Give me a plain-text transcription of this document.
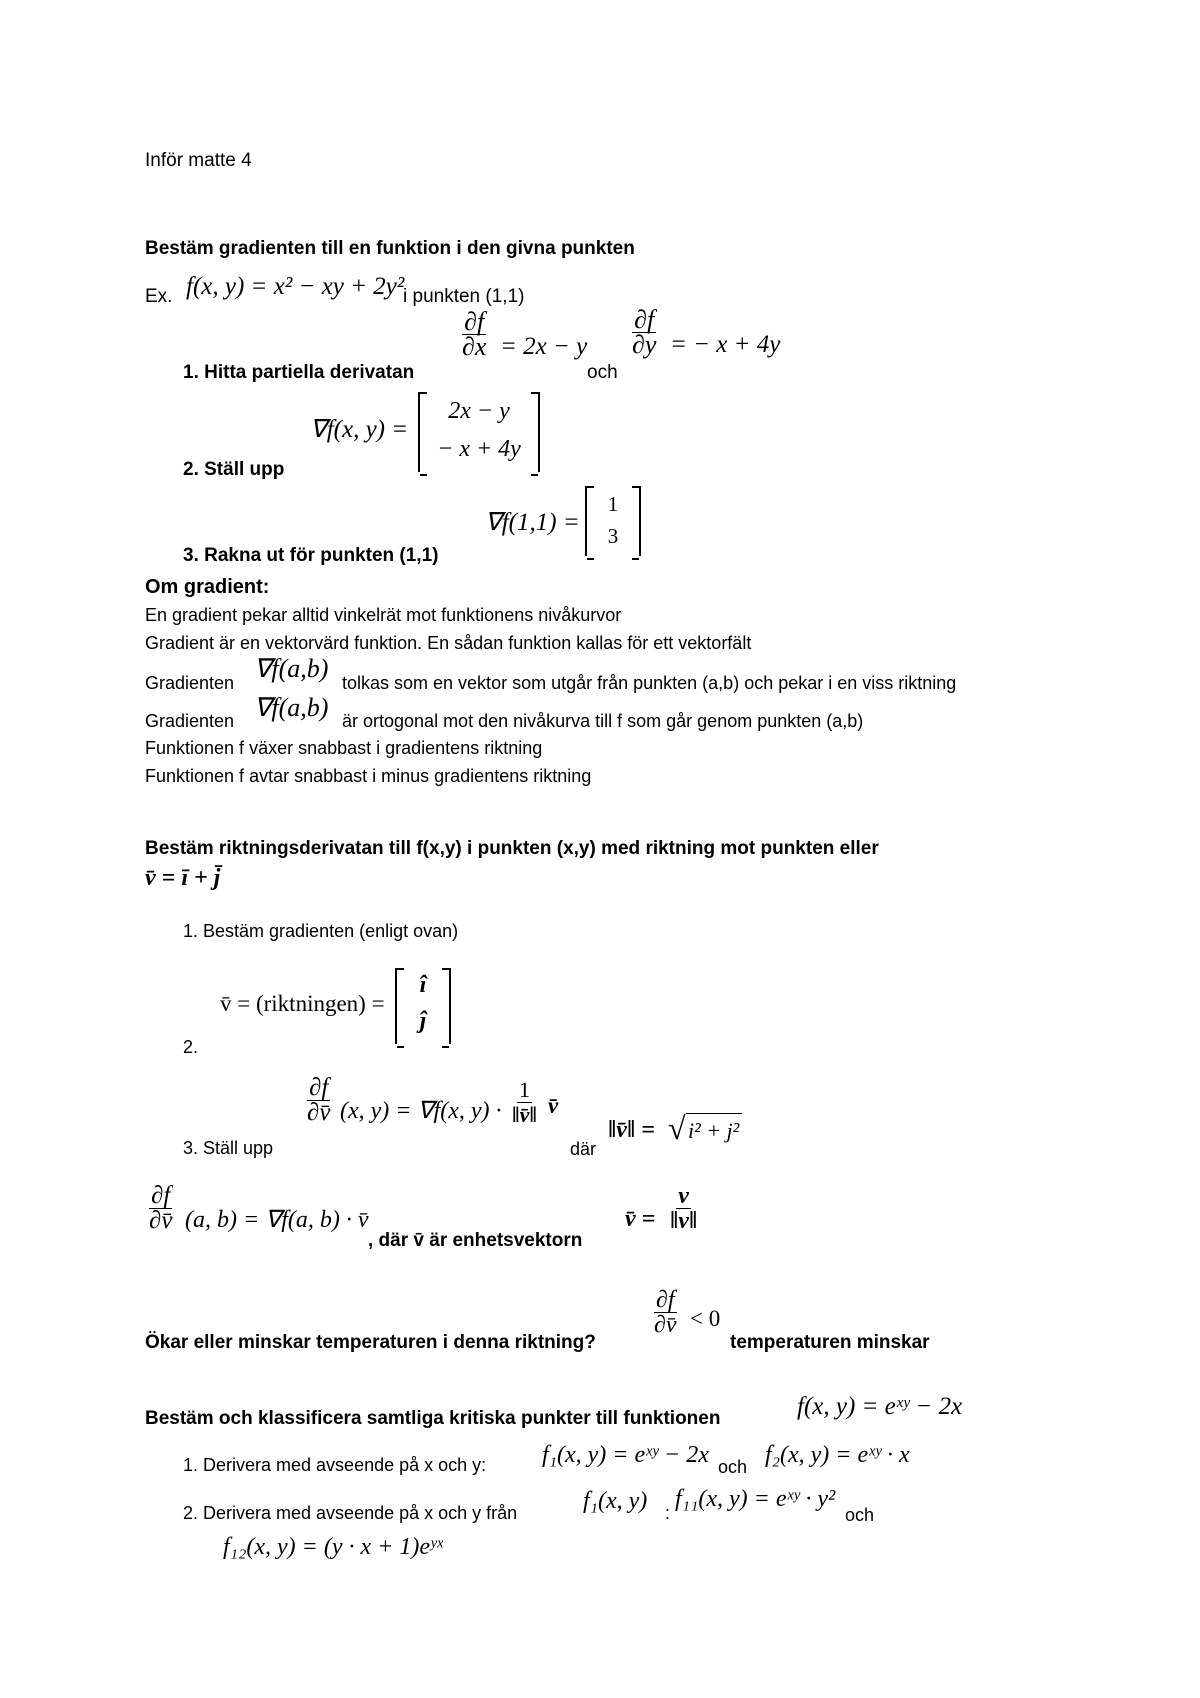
Inför matte 4
Bestäm gradienten till en funktion i den givna punkten
Ex. f(x, y) = x² − xy + 2y²
i punkten (1,1)
1. Hitta partiella derivatan
$\frac{\partial f}{\partial x} = 2x - y$
och
$\frac{\partial f}{\partial y}$ = − x + 4y
2. Ställ upp
∇f(x, y) =
2x − y
− x + 4y
3. Rakna ut för punkten (1,1)
∇f(1,1) =
1
3
Om gradient:
En gradient pekar alltid vinkelrät mot funktionens nivåkurvor
Gradient är en vektorvärd funktion. En sådan funktion kallas för ett vektorfält
Gradienten ∇f(a,b) tolkas som en vektor som utgår från punkten (a,b) och pekar i en viss riktning
Gradienten ∇f(a,b) är ortogonal mot den nivåkurva till f som går genom punkten (a,b)
Funktionen f växer snabbast i gradientens riktning
Funktionen f avtar snabbast i minus gradientens riktning
Bestäm riktningsderivatan till f(x,y) i punkten (x,y) med riktning mot punkten eller
v̄ = ī + j̄
1. Bestäm gradienten (enligt ovan)
2.
v̄ = (riktningen) =
î
ĵ
3. Ställ upp
$\frac{\partial f}{\partial v̄} (x$, y) = ∇f(x, $y) \cdot \frac{1}{‖v̄‖}$ v̄
där
‖v̄‖ = √ i² + j²
$\frac{\partial f}{\partial v̄} (a$, b) = ∇f(a, b) · v̄
, där v̄ är enhetsvektorn
v̄ = $\frac{v}{‖v‖}$
$\frac{\partial f}{\partial v̄} < 0$
Ökar eller minskar temperaturen i denna riktning?	temperaturen minskar
Bestäm och klassificera samtliga kritiska punkter till funktionen	f(x, y) = eˣʸ − 2x
1. Derivera med avseende på x och y: f₁(x, y) = eˣʸ − 2x och f₂(x, y) = eˣʸ · x
2. Derivera med avseende på x och y från	f₁(x, y) :
f₁₁(x, y) = eˣʸ · y²
och
f₁₂(x, y) = (y · x + 1)eʸˣ
